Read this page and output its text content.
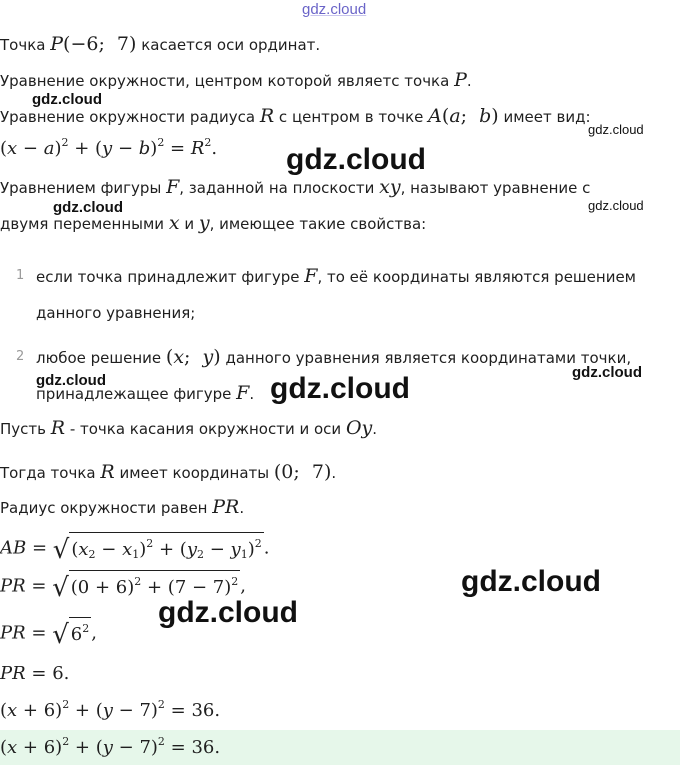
gdz.cloud
gdz.cloud
gdz.cloud
gdz.cloud
gdz.cloud	gdz.cloud
gdz.cloud
gdz.cloud	gdz.cloud
gdz.cloud
gdz.cloud
Точка P(−6;  7) касается оси ординат.
Уравнение окружности, центром которой являетс точка P.
Уравнение окружности радиуса R с центром в точке A(a;  b) имеет вид:
$(x - a)^2 + (y - b)^2 = R^2$.
Уравнением фигуры F, заданной на плоскости xy, называют уравнение с
двумя переменными x и y, имеющее такие свойства:
1 если точка принадлежит фигуре F, то её координаты являются решением
данного уравнения;
2 любое решение (x;  y) данного уравнения является координатами точки,
принадлежащее фигуре F.
Пусть R - точка касания окружности и оси Oy.
Тогда точка R имеет координаты (0;  7).
Радиус окружности равен PR.
AB = √ $(x_2 - x_1)^2 + (y_2 - y_1)^2$ .
PR = √ $(0 + 6)^2 + (7 - 7)^2$ ,
PR = √ $6^2$ ,
PR = 6.
$(x + 6)^2 + (y - 7)^2 = 36$.
$(x + 6)^2 + (y - 7)^2 = 36$.
